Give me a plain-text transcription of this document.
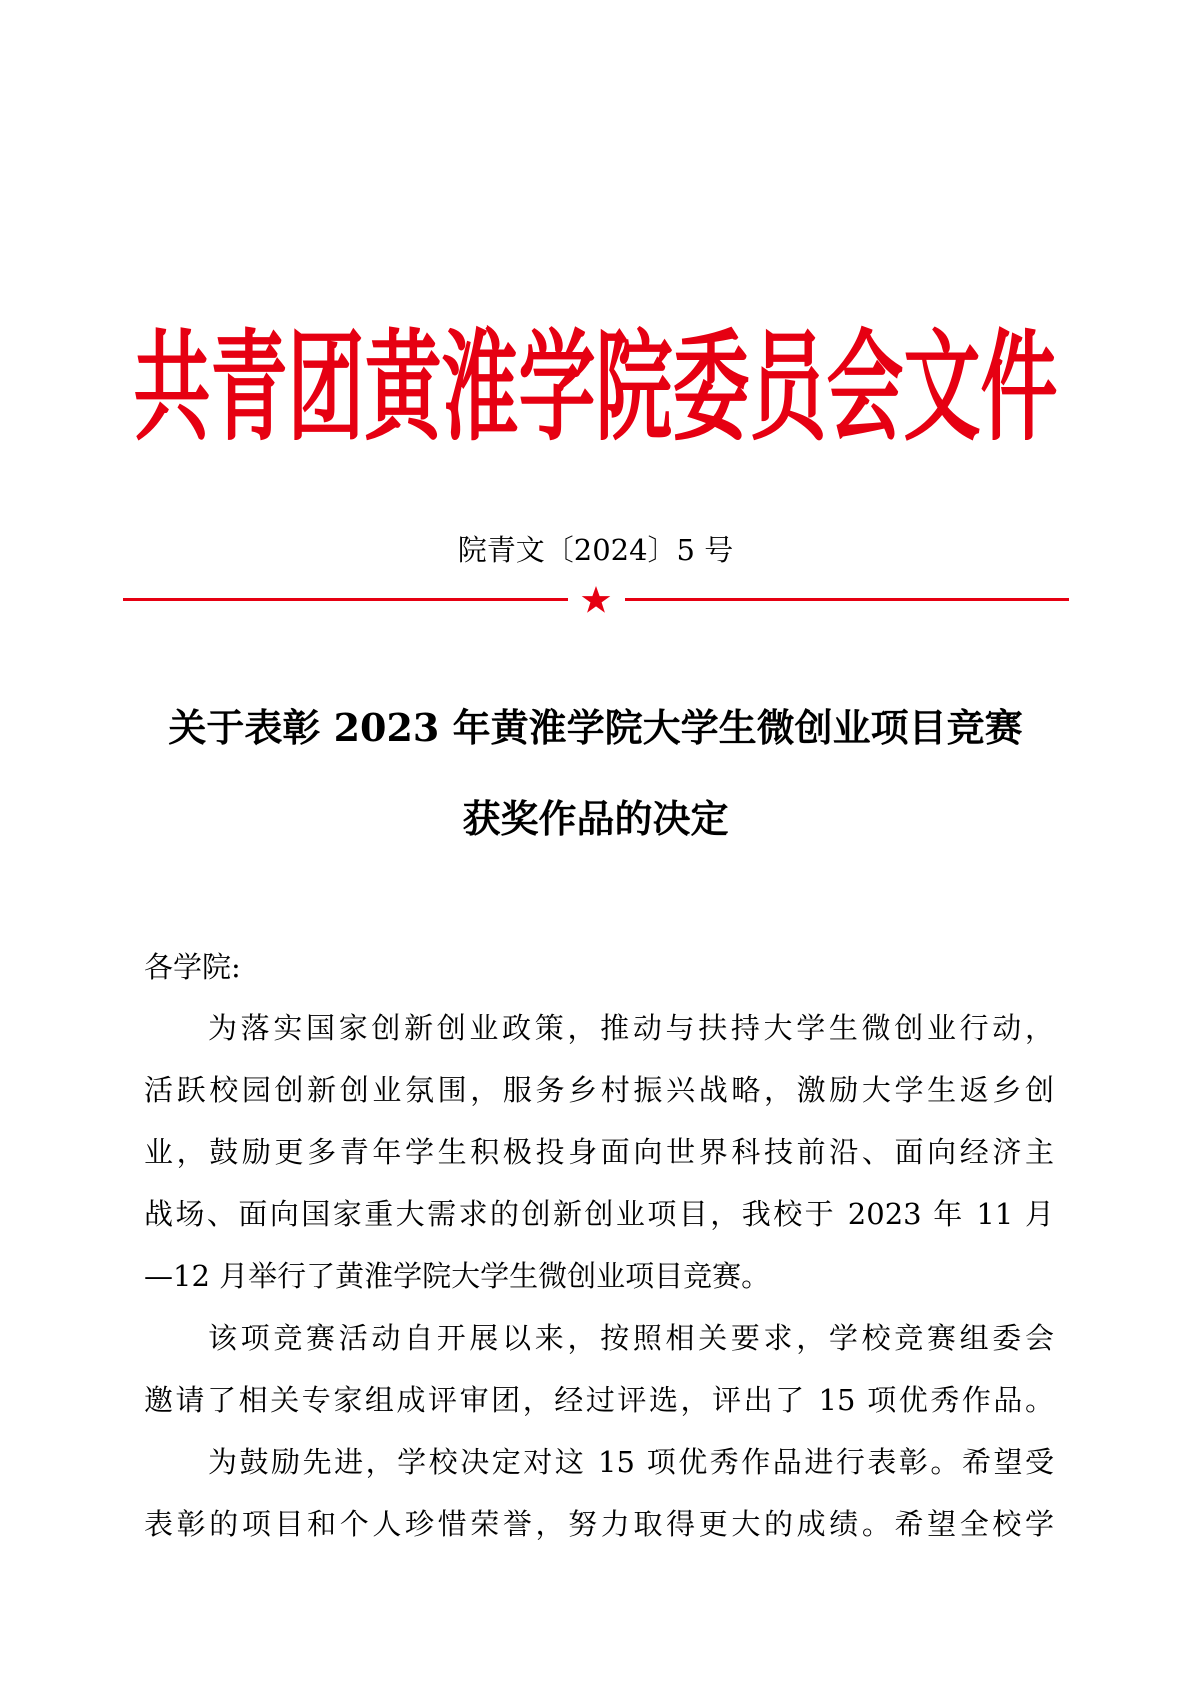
共青团黄淮学院委员会文件
院青文〔2024〕5 号
关于表彰 2023 年黄淮学院大学生微创业项目竞赛
获奖作品的决定
各学院:
为落实国家创新创业政策，推动与扶持大学生微创业行动，
活跃校园创新创业氛围，服务乡村振兴战略，激励大学生返乡创
业，鼓励更多青年学生积极投身面向世界科技前沿、面向经济主
战场、面向国家重大需求的创新创业项目，我校于 2023 年 11 月
—12 月举行了黄淮学院大学生微创业项目竞赛。
该项竞赛活动自开展以来，按照相关要求，学校竞赛组委会
邀请了相关专家组成评审团，经过评选，评出了 15 项优秀作品。
为鼓励先进，学校决定对这 15 项优秀作品进行表彰。希望受
表彰的项目和个人珍惜荣誉，努力取得更大的成绩。希望全校学
